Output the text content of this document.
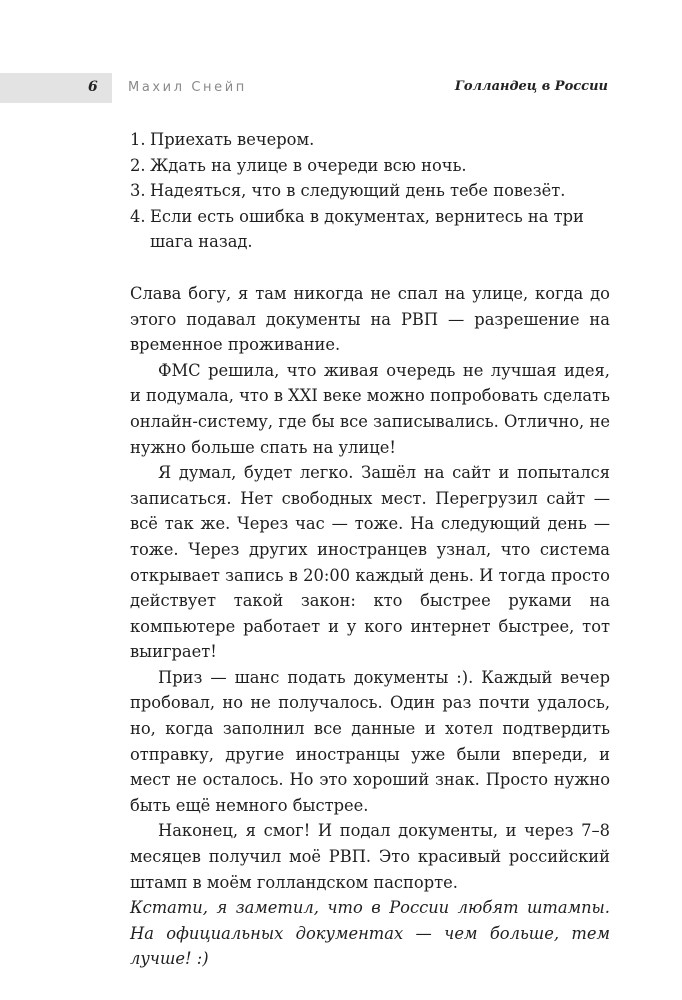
6 Махил Снейп	Голландец в России
1. Приехать вечером.
2. Ждать на улице в очереди всю ночь.
3. Надеяться, что в следующий день тебе повезёт.
4. Если есть ошибка в документах, вернитесь на три шага назад.

Слава богу, я там никогда не спал на улице, когда до этого подавал документы на РВП — разрешение на временное проживание.

ФМС решила, что живая очередь не лучшая идея, и подумала, что в XXI веке можно попробовать сделать онлайн-систему, где бы все записывались. Отлично, не нужно больше спать на улице!

Я думал, будет легко. Зашёл на сайт и попытался записаться. Нет свободных мест. Перегрузил сайт — всё так же. Через час — тоже. На следующий день — тоже. Через других иностранцев узнал, что система открывает запись в 20:00 каждый день. И тогда просто действует такой закон: кто быстрее руками на компьютере работает и у кого интернет быстрее, тот выиграет!

Приз — шанс подать документы :). Каждый вечер пробовал, но не получалось. Один раз почти удалось, но, когда заполнил все данные и хотел подтвердить отправку, другие иностранцы уже были впереди, и мест не осталось. Но это хороший знак. Просто нужно быть ещё немного быстрее.

Наконец, я смог! И подал документы, и через 7–8 месяцев получил моё РВП. Это красивый российский штамп в моём голландском паспорте.

Кстати, я заметил, что в России любят штампы. На официальных документах — чем больше, тем лучше! :)
